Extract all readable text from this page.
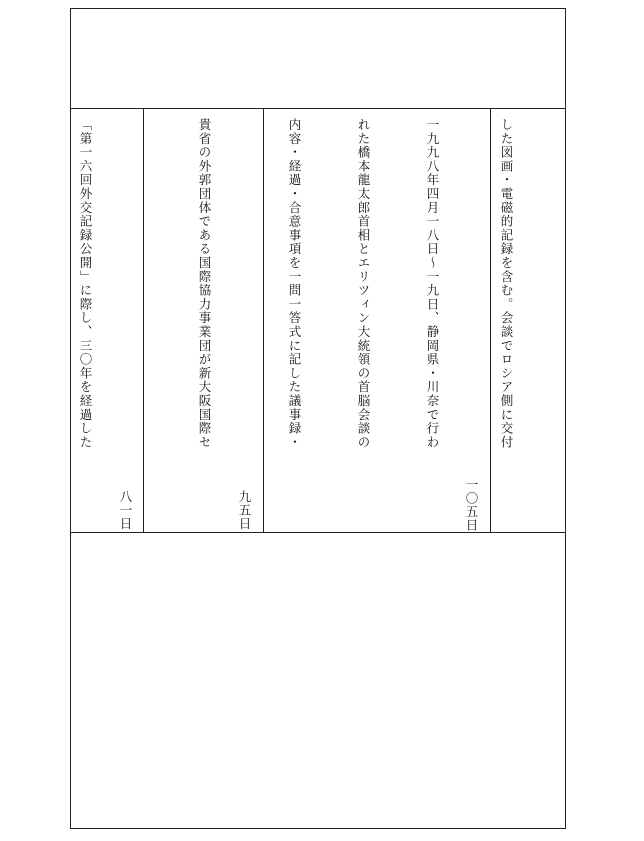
した図画・電磁的記録を含む。会談でロシア側に交付

一九九八年四月一八日～一九日、静岡県・川奈で行わ

れた橋本龍太郎首相とエリツィン大統領の首脳会談の

内容・経過・合意事項を一問一答式に記した議事録・

一〇五日

貴省の外郭団体である国際協力事業団が新大阪国際セ

九五日

「第一六回外交記録公開」に際し、三〇年を経過した

八一日
